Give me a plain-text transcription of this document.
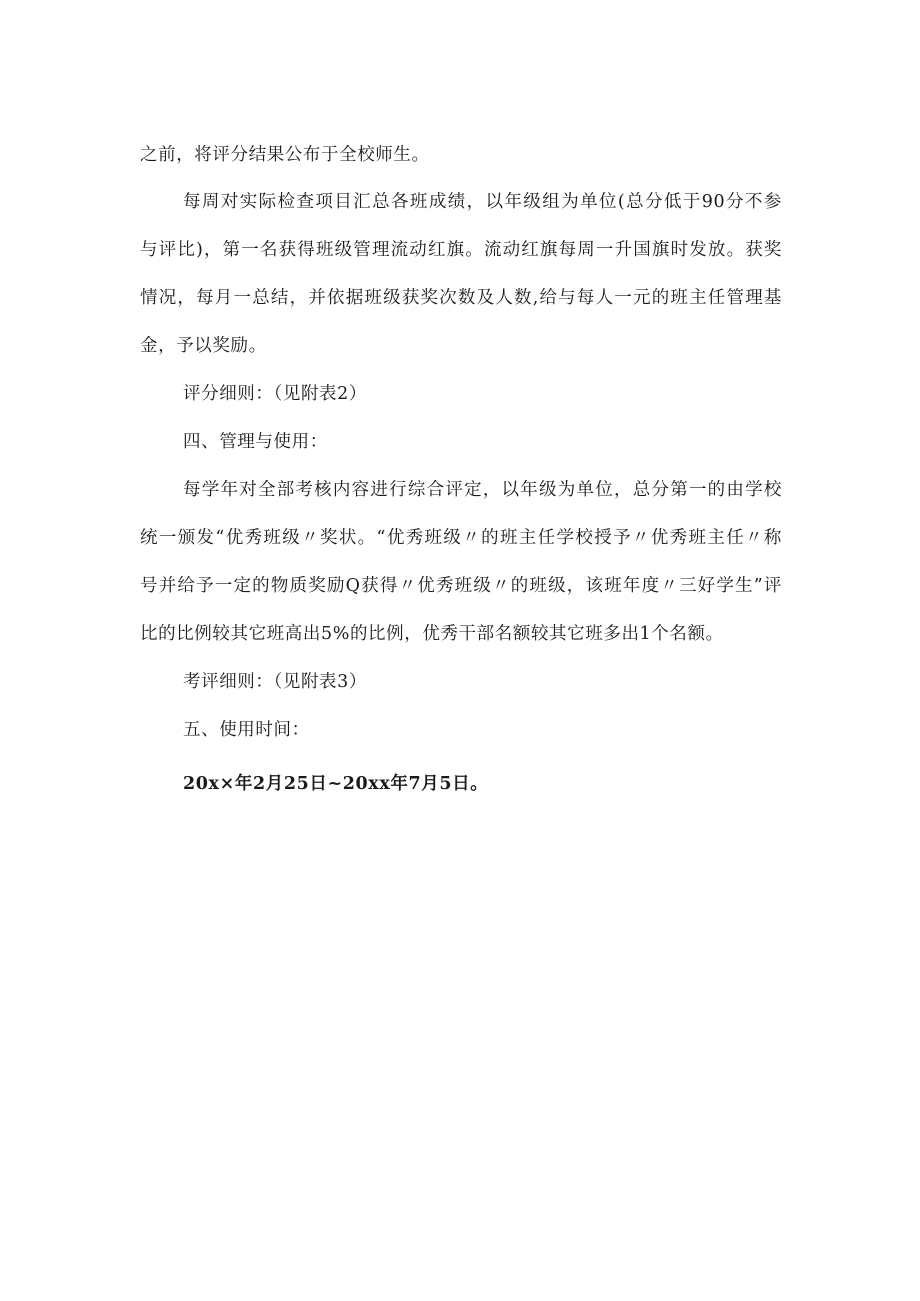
之前，将评分结果公布于全校师生。
每周对实际检查项目汇总各班成绩，以年级组为单位(总分低于90分不参
与评比)，第一名获得班级管理流动红旗。流动红旗每周一升国旗时发放。获奖
情况，每月一总结，并依据班级获奖次数及人数,给与每人一元的班主任管理基
金，予以奖励。
评分细则：（见附表2）
四、管理与使用：
每学年对全部考核内容进行综合评定，以年级为单位，总分第一的由学校
统一颁发“优秀班级〃奖状。“优秀班级〃的班主任学校授予〃优秀班主任〃称
号并给予一定的物质奖励Q获得〃优秀班级〃的班级，该班年度〃三好学生”评
比的比例较其它班高出5%的比例，优秀干部名额较其它班多出1个名额。
考评细则：（见附表3）
五、使用时间：
20x×年2月25日~20xx年7月5日。
